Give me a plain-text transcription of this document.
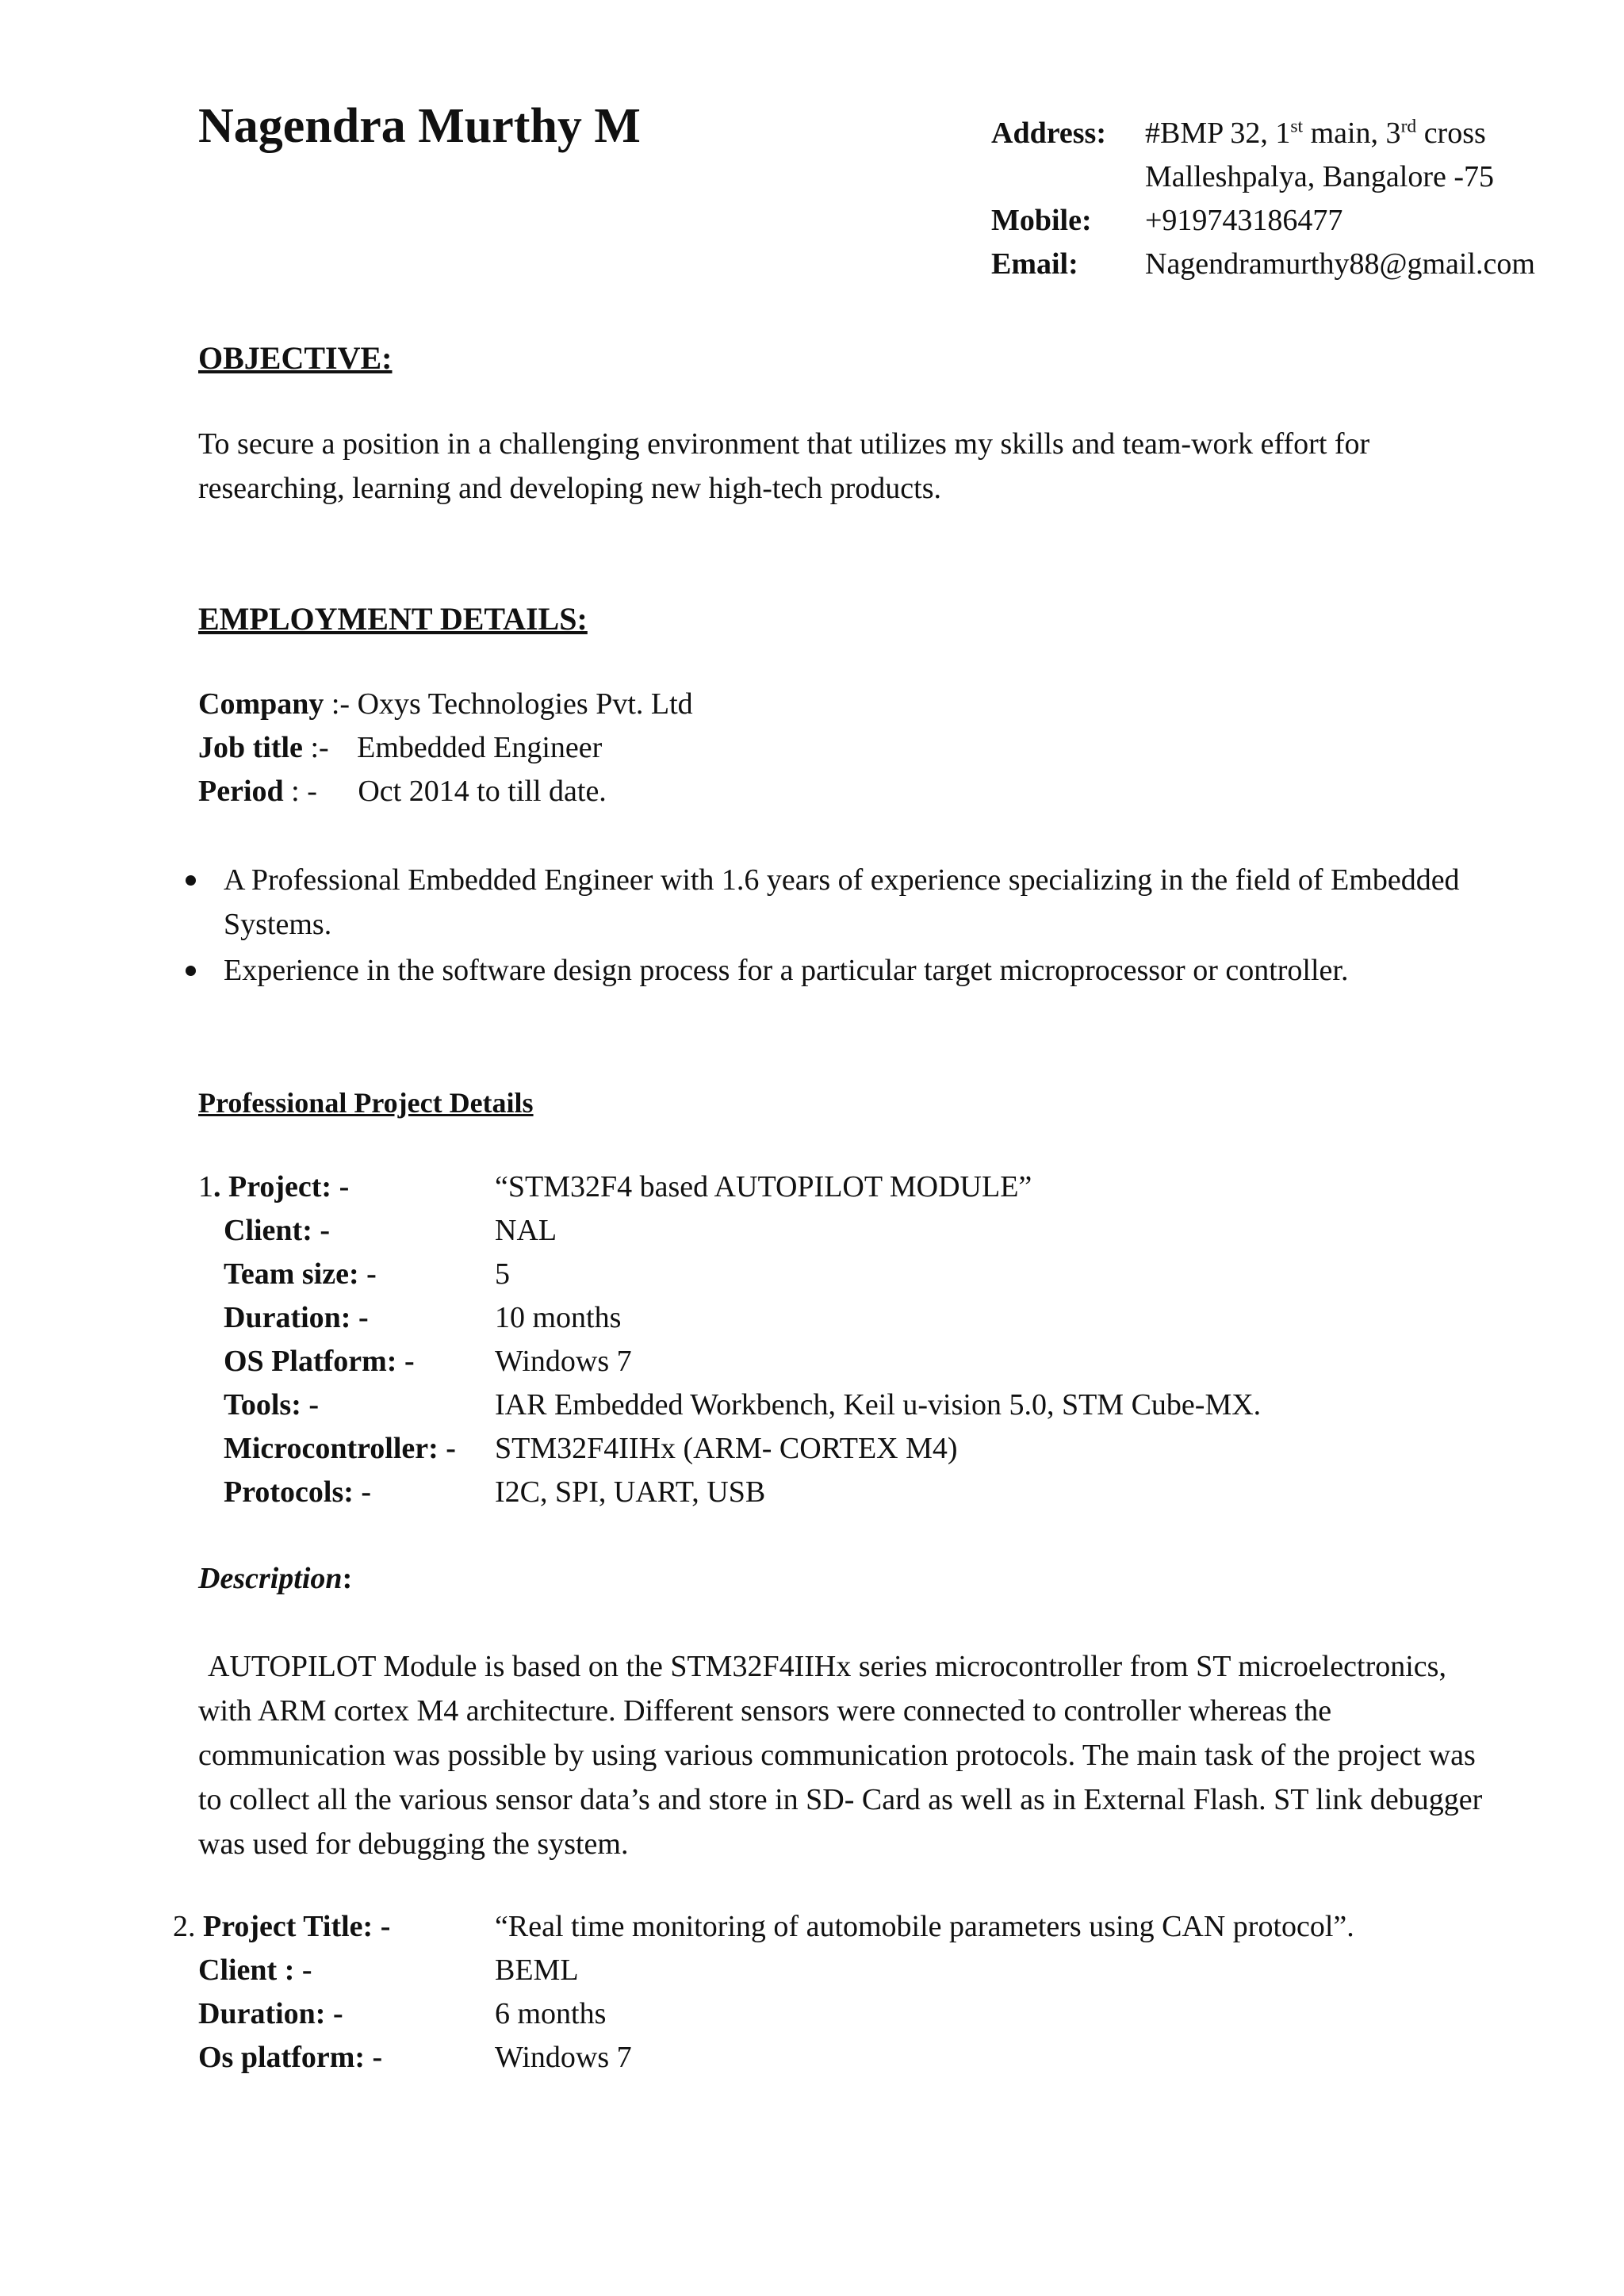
Nagendra Murthy M	Address: #BMP 32, 1st main, 3rd cross
Malleshpalya, Bangalore -75
Mobile: +919743186477
Email: Nagendramurthy88@gmail.com
OBJECTIVE:
To secure a position in a challenging environment that utilizes my skills and team-work effort for researching, learning and developing new high-tech products.
EMPLOYMENT DETAILS:
Company :- Oxys Technologies Pvt. Ltd
Job title :- Embedded Engineer
Period : - Oct 2014 to till date.
A Professional Embedded Engineer with 1.6 years of experience specializing in the field of Embedded Systems.
Experience in the software design process for a particular target microprocessor or controller.
Professional Project Details
1. Project: -	“STM32F4 based AUTOPILOT MODULE”
Client: -	NAL
Team size: -	5
Duration: -	10 months
OS Platform: -	Windows 7
Tools: -	IAR Embedded Workbench, Keil u-vision 5.0, STM Cube-MX.
Microcontroller: - STM32F4IIHx (ARM- CORTEX M4)
Protocols: -	I2C, SPI, UART, USB
Description:
AUTOPILOT Module is based on the STM32F4IIHx series microcontroller from ST microelectronics, with ARM cortex M4 architecture. Different sensors were connected to controller whereas the communication was possible by using various communication protocols. The main task of the project was to collect all the various sensor data’s and store in SD- Card as well as in External Flash. ST link debugger was used for debugging the system.
2. Project Title: -	“Real time monitoring of automobile parameters using CAN protocol”.
Client : -	BEML
Duration: -	6 months
Os platform: -	Windows 7
